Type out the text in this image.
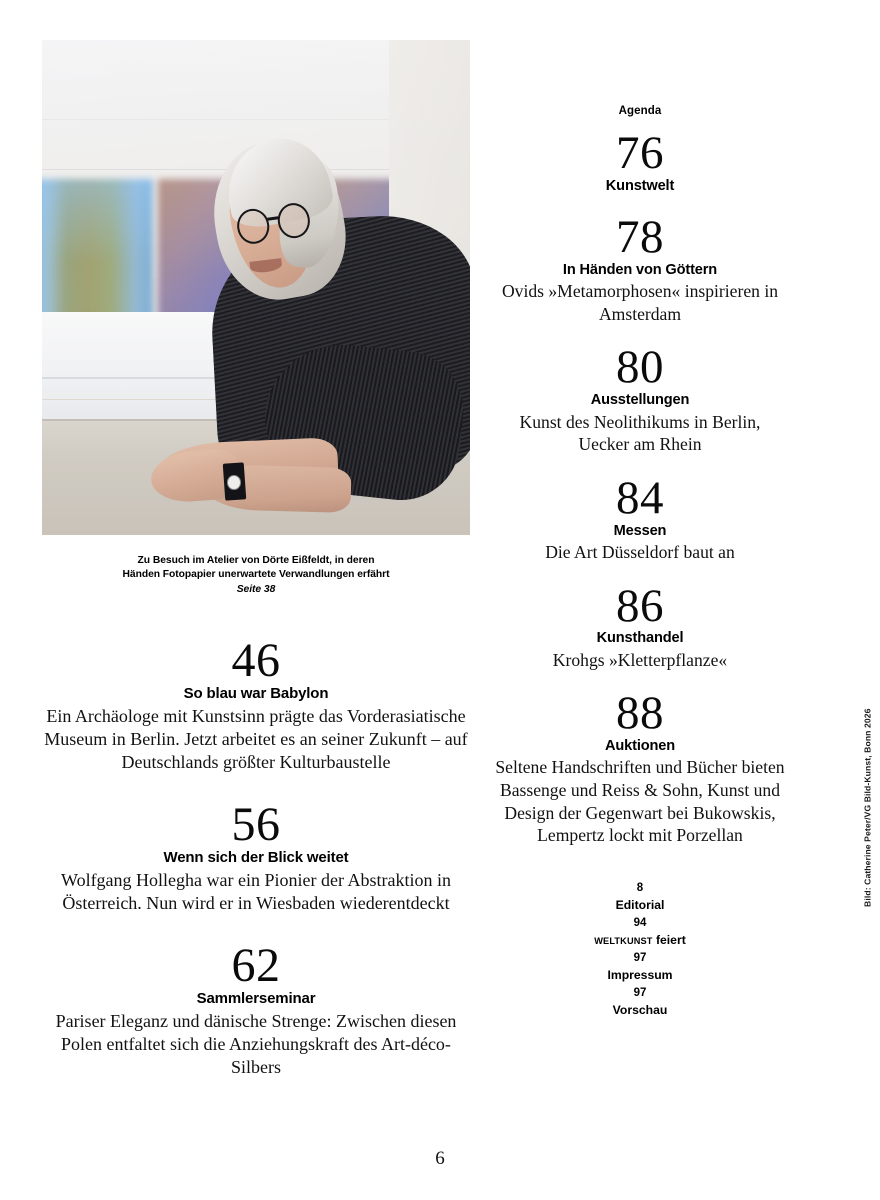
Zu Besuch im Atelier von Dörte Eißfeldt, in deren
Händen Fotopapier unerwartete Verwandlungen erfährt
Seite 38
46
So blau war Babylon
Ein Archäologe mit Kunstsinn prägte das Vorderasiatische Museum in Berlin. Jetzt arbeitet es an seiner Zukunft – auf Deutschlands größter Kulturbaustelle
56
Wenn sich der Blick weitet
Wolfgang Hollegha war ein Pionier der Abstraktion in Österreich. Nun wird er in Wiesbaden wiederentdeckt
62
Sammlerseminar
Pariser Eleganz und dänische Strenge: Zwischen diesen Polen entfaltet sich die Anziehungskraft des Art-déco-Silbers
Agenda
76
Kunstwelt
78
In Händen von Göttern
Ovids »Metamorphosen« inspirieren in Amsterdam
80
Ausstellungen
Kunst des Neolithikums in Berlin, Uecker am Rhein
84
Messen
Die Art Düsseldorf baut an
86
Kunsthandel
Krohgs »Kletterpflanze«
88
Auktionen
Seltene Handschriften und Bücher bieten Bassenge und Reiss & Sohn, Kunst und Design der Gegenwart bei Bukowskis, Lempertz lockt mit Porzellan
8
Editorial
94
WELTKUNST feiert
97
Impressum
97
Vorschau
Bild: Catherine Peter/VG Bild-Kunst, Bonn 2026
6
